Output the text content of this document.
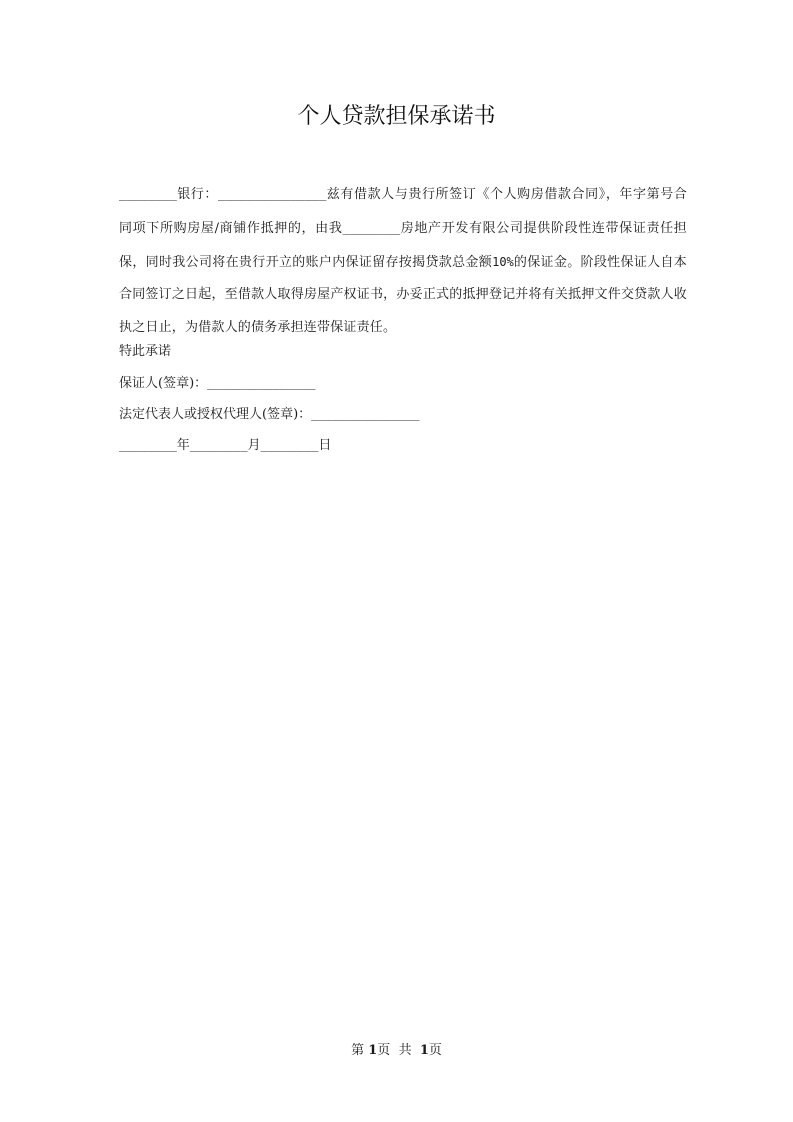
个人贷款担保承诺书
________银行：_______________兹有借款人与贵行所签订《个人购房借款合同》，年字第号合同项下所购房屋/商铺作抵押的，由我________房地产开发有限公司提供阶段性连带保证责任担保，同时我公司将在贵行开立的账户内保证留存按揭贷款总金额10%的保证金。阶段性保证人自本合同签订之日起，至借款人取得房屋产权证书，办妥正式的抵押登记并将有关抵押文件交贷款人收执之日止，为借款人的债务承担连带保证责任。
特此承诺
保证人(签章)：_______________
法定代表人或授权代理人(签章)：_______________
________年________月________日
第 1页 共 1页
